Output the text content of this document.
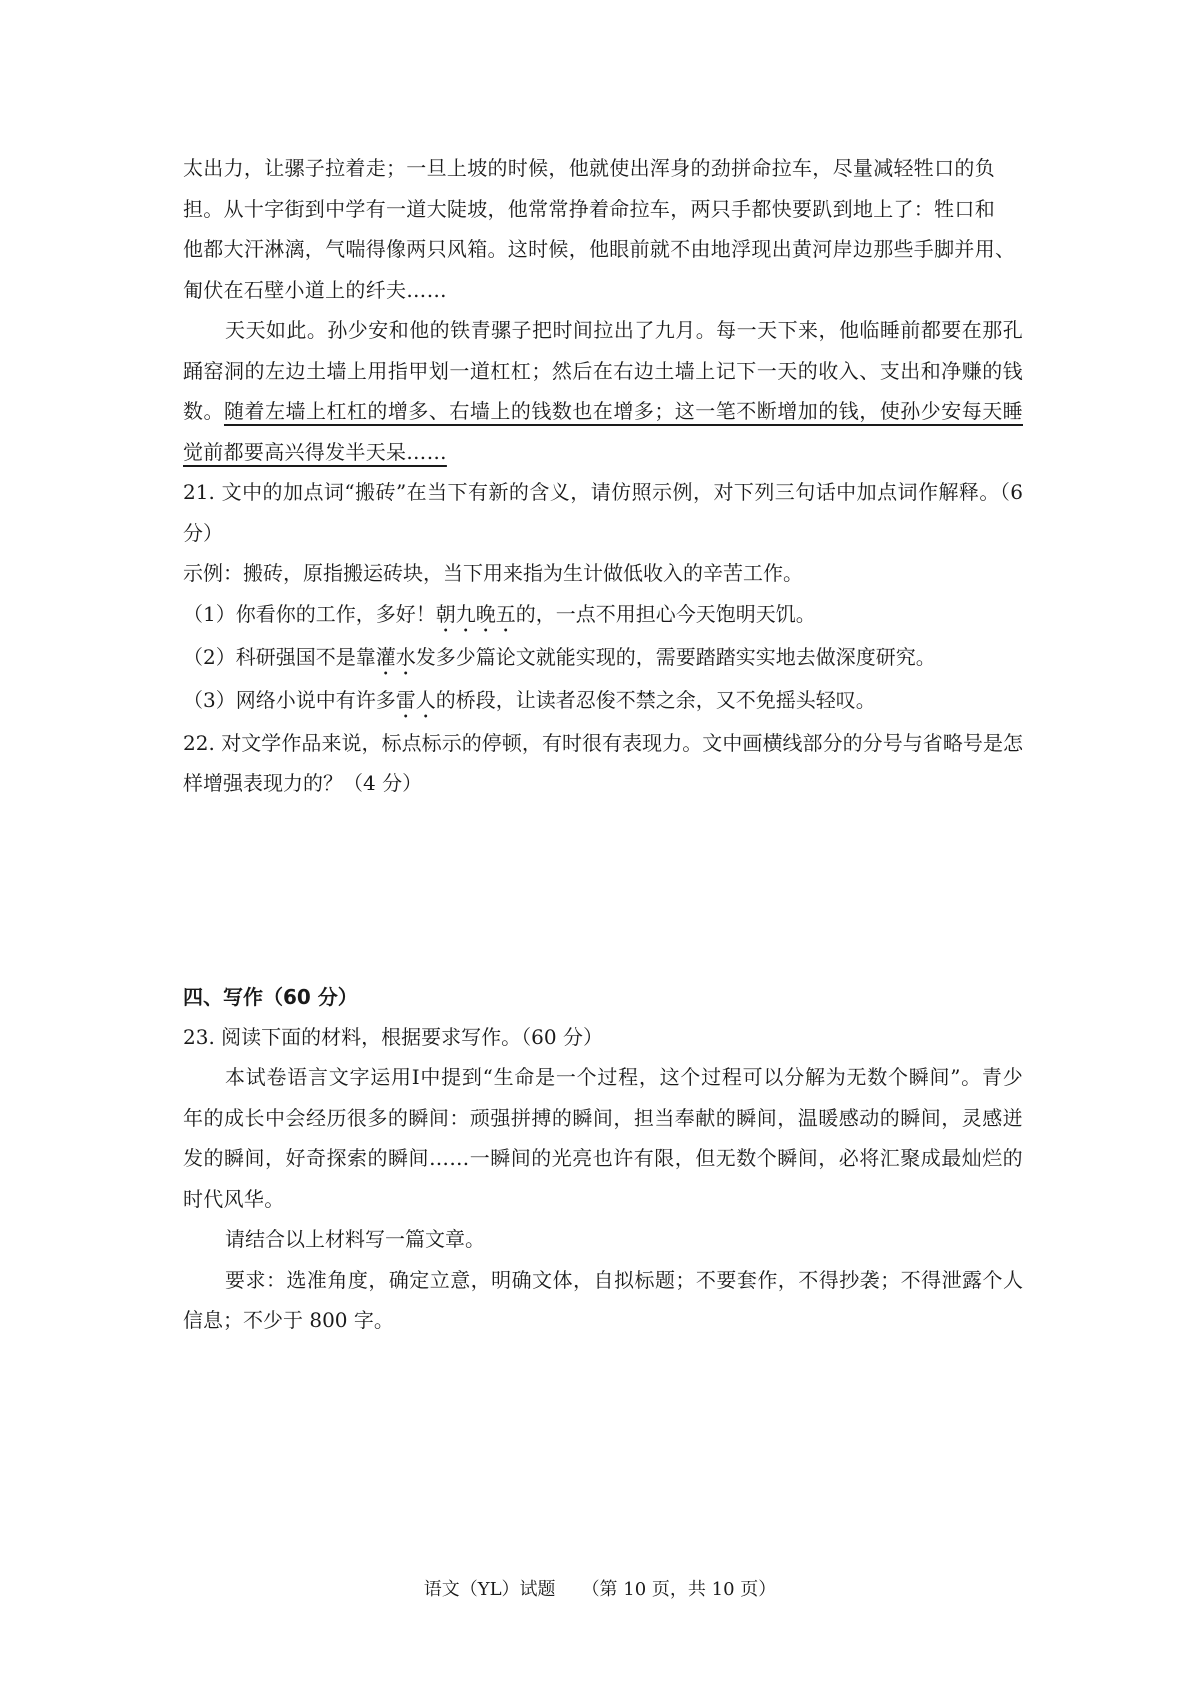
太出力，让骡子拉着走；一旦上坡的时候，他就使出浑身的劲拼命拉车，尽量减轻牲口的负

担。从十字街到中学有一道大陡坡，他常常挣着命拉车，两只手都快要趴到地上了：牲口和

他都大汗淋漓，气喘得像两只风箱。这时候，他眼前就不由地浮现出黄河岸边那些手脚并用、

匍伏在石壁小道上的纤夫……

天天如此。孙少安和他的铁青骡子把时间拉出了九月。每一天下来，他临睡前都要在那孔踊窑洞的左边土墙上用指甲划一道杠杠；然后在右边土墙上记下一天的收入、支出和净赚的钱数。随着左墙上杠杠的增多、右墙上的钱数也在增多；这一笔不断增加的钱，使孙少安每天睡觉前都要高兴得发半天呆……

21. 文中的加点词“搬砖”在当下有新的含义，请仿照示例，对下列三句话中加点词作解释。（6 分）

示例：搬砖，原指搬运砖块，当下用来指为生计做低收入的辛苦工作。

（1）你看你的工作，多好！朝九晚五的，一点不用担心今天饱明天饥。

（2）科研强国不是靠灌水发多少篇论文就能实现的，需要踏踏实实地去做深度研究。

（3）网络小说中有许多雷人的桥段，让读者忍俊不禁之余，又不免摇头轻叹。

22. 对文学作品来说，标点标示的停顿，有时很有表现力。文中画横线部分的分号与省略号是怎样增强表现力的？（4 分）

四、写作（60 分）

23. 阅读下面的材料，根据要求写作。（60 分）

本试卷语言文字运用Ⅰ中提到“生命是一个过程，这个过程可以分解为无数个瞬间”。青少年的成长中会经历很多的瞬间：顽强拼搏的瞬间，担当奉献的瞬间，温暖感动的瞬间，灵感迸发的瞬间，好奇探索的瞬间……一瞬间的光亮也许有限，但无数个瞬间，必将汇聚成最灿烂的时代风华。

请结合以上材料写一篇文章。

要求：选准角度，确定立意，明确文体，自拟标题；不要套作，不得抄袭；不得泄露个人信息；不少于 800 字。

语文（YL）试题 （第 10 页，共 10 页）
